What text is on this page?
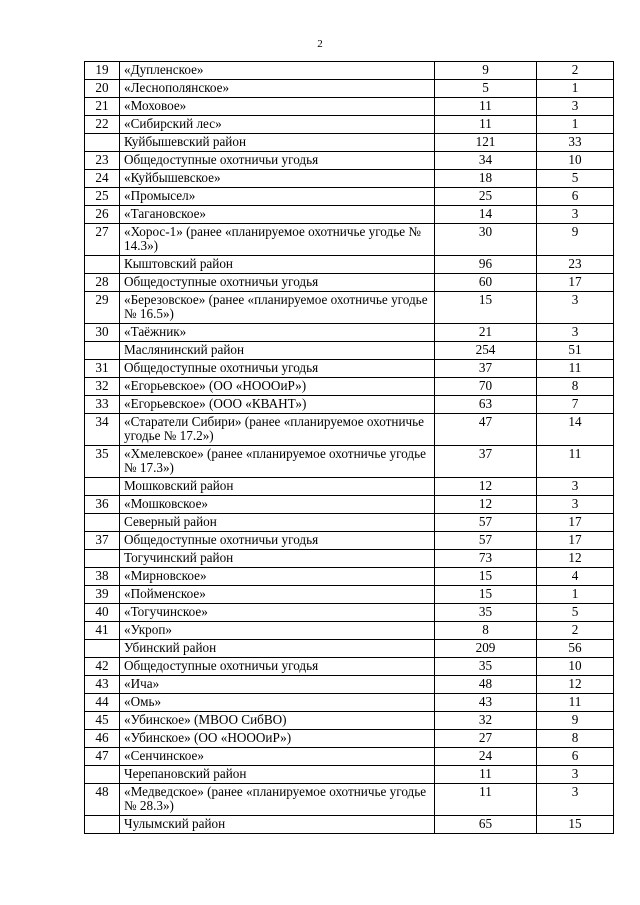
2
19	«Дупленское»	9	2
20	«Леснополянское»	5	1
21	«Моховое»	11	3
22	«Сибирский лес»	11	1
	Куйбышевский район	121	33
23	Общедоступные охотничьи угодья	34	10
24	«Куйбышевское»	18	5
25	«Промысел»	25	6
26	«Тагановское»	14	3
27	«Хорос-1» (ранее «планируемое охотничье угодье № 14.3»)	30	9
	Кыштовский район	96	23
28	Общедоступные охотничьи угодья	60	17
29	«Березовское» (ранее «планируемое охотничье угодье № 16.5»)	15	3
30	«Таёжник»	21	3
	Маслянинский район	254	51
31	Общедоступные охотничьи угодья	37	11
32	«Егорьевское» (ОО «НОООиР»)	70	8
33	«Егорьевское» (ООО «КВАНТ»)	63	7
34	«Старатели Сибири» (ранее «планируемое охотничье угодье № 17.2»)	47	14
35	«Хмелевское» (ранее «планируемое охотничье угодье № 17.3»)	37	11
	Мошковский район	12	3
36	«Мошковское»	12	3
	Северный район	57	17
37	Общедоступные охотничьи угодья	57	17
	Тогучинский район	73	12
38	«Мирновское»	15	4
39	«Пойменское»	15	1
40	«Тогучинское»	35	5
41	«Укроп»	8	2
	Убинский район	209	56
42	Общедоступные охотничьи угодья	35	10
43	«Ича»	48	12
44	«Омь»	43	11
45	«Убинское» (МВОО СибВО)	32	9
46	«Убинское» (ОО «НОООиР»)	27	8
47	«Сенчинское»	24	6
	Черепановский район	11	3
48	«Медведское» (ранее «планируемое охотничье угодье № 28.3»)	11	3
	Чулымский район	65	15
